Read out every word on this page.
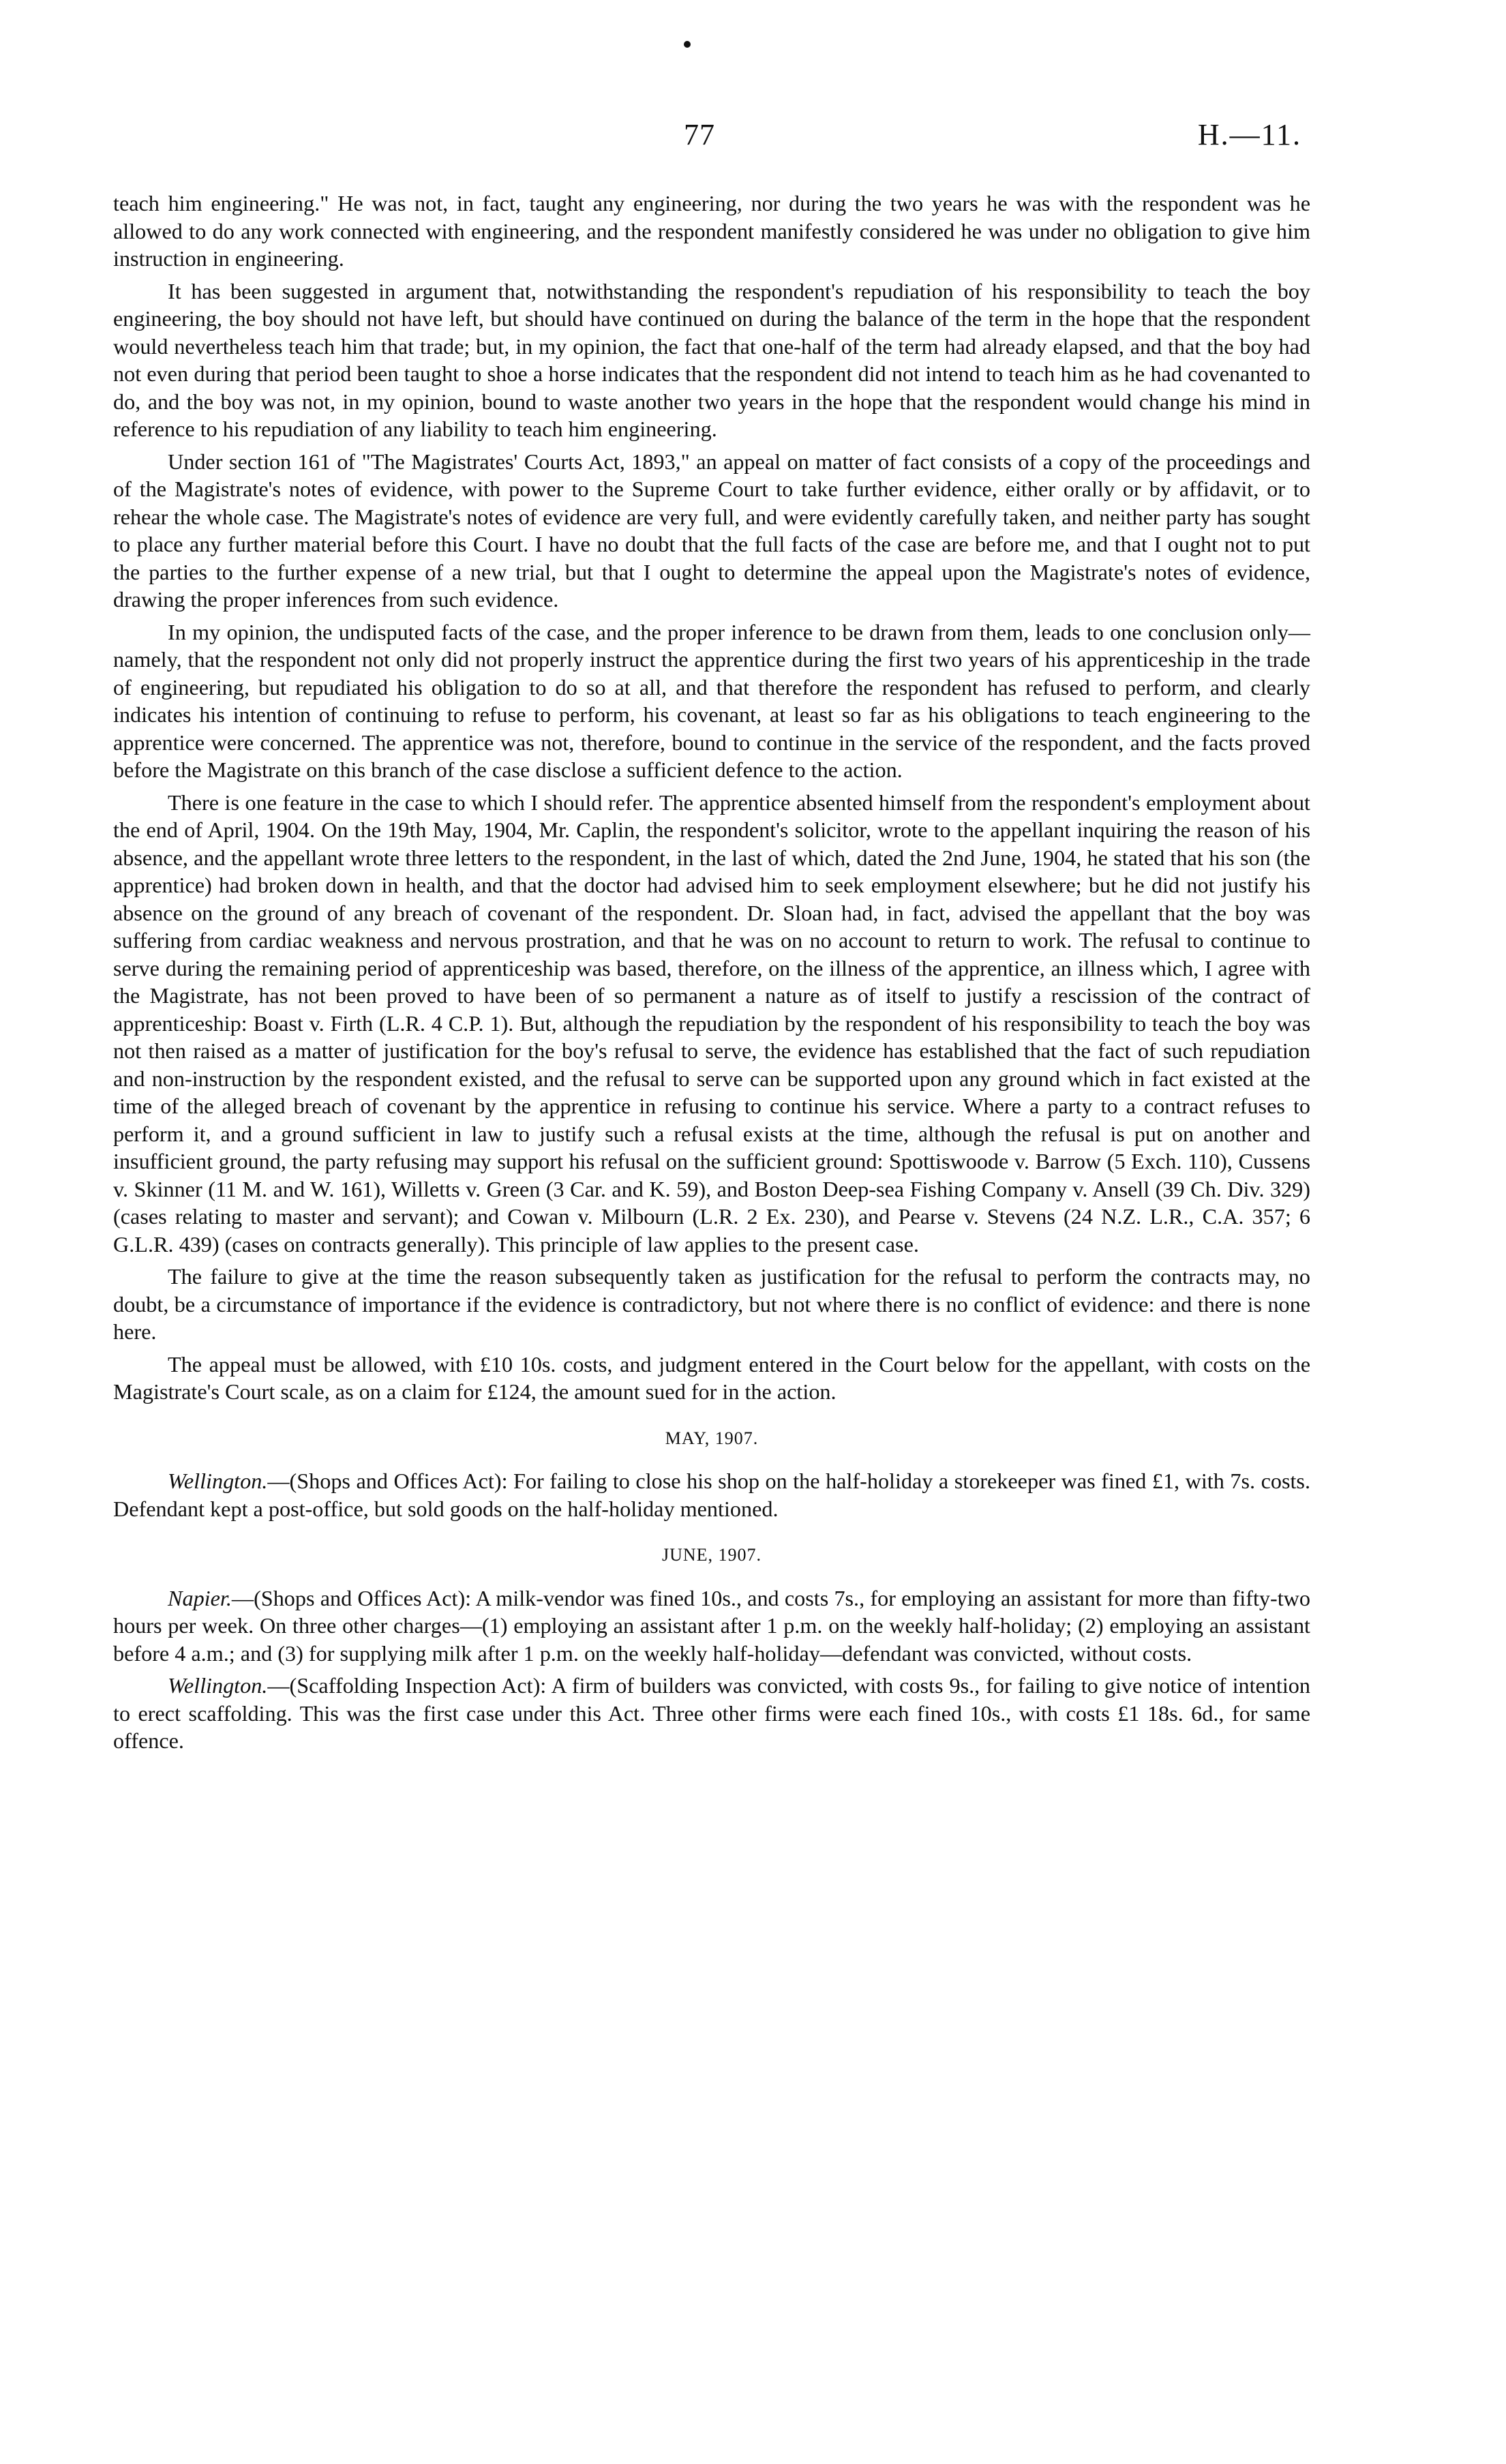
77	H.—11.

teach him engineering." He was not, in fact, taught any engineering, nor during the two years he was with the respondent was he allowed to do any work connected with engineering, and the respondent manifestly considered he was under no obligation to give him instruction in engineering.

It has been suggested in argument that, notwithstanding the respondent's repudiation of his responsibility to teach the boy engineering, the boy should not have left, but should have continued on during the balance of the term in the hope that the respondent would nevertheless teach him that trade; but, in my opinion, the fact that one-half of the term had already elapsed, and that the boy had not even during that period been taught to shoe a horse indicates that the respondent did not intend to teach him as he had covenanted to do, and the boy was not, in my opinion, bound to waste another two years in the hope that the respondent would change his mind in reference to his repudiation of any liability to teach him engineering.

Under section 161 of "The Magistrates' Courts Act, 1893," an appeal on matter of fact consists of a copy of the proceedings and of the Magistrate's notes of evidence, with power to the Supreme Court to take further evidence, either orally or by affidavit, or to rehear the whole case. The Magistrate's notes of evidence are very full, and were evidently carefully taken, and neither party has sought to place any further material before this Court. I have no doubt that the full facts of the case are before me, and that I ought not to put the parties to the further expense of a new trial, but that I ought to determine the appeal upon the Magistrate's notes of evidence, drawing the proper inferences from such evidence.

In my opinion, the undisputed facts of the case, and the proper inference to be drawn from them, leads to one conclusion only—namely, that the respondent not only did not properly instruct the apprentice during the first two years of his apprenticeship in the trade of engineering, but repudiated his obligation to do so at all, and that therefore the respondent has refused to perform, and clearly indicates his intention of continuing to refuse to perform, his covenant, at least so far as his obligations to teach engineering to the apprentice were concerned. The apprentice was not, therefore, bound to continue in the service of the respondent, and the facts proved before the Magistrate on this branch of the case disclose a sufficient defence to the action.

There is one feature in the case to which I should refer. The apprentice absented himself from the respondent's employment about the end of April, 1904. On the 19th May, 1904, Mr. Caplin, the respondent's solicitor, wrote to the appellant inquiring the reason of his absence, and the appellant wrote three letters to the respondent, in the last of which, dated the 2nd June, 1904, he stated that his son (the apprentice) had broken down in health, and that the doctor had advised him to seek employment elsewhere; but he did not justify his absence on the ground of any breach of covenant of the respondent. Dr. Sloan had, in fact, advised the appellant that the boy was suffering from cardiac weakness and nervous prostration, and that he was on no account to return to work. The refusal to continue to serve during the remaining period of apprenticeship was based, therefore, on the illness of the apprentice, an illness which, I agree with the Magistrate, has not been proved to have been of so permanent a nature as of itself to justify a rescission of the contract of apprenticeship: Boast v. Firth (L.R. 4 C.P. 1). But, although the repudiation by the respondent of his responsibility to teach the boy was not then raised as a matter of justification for the boy's refusal to serve, the evidence has established that the fact of such repudiation and non-instruction by the respondent existed, and the refusal to serve can be supported upon any ground which in fact existed at the time of the alleged breach of covenant by the apprentice in refusing to continue his service. Where a party to a contract refuses to perform it, and a ground sufficient in law to justify such a refusal exists at the time, although the refusal is put on another and insufficient ground, the party refusing may support his refusal on the sufficient ground: Spottiswoode v. Barrow (5 Exch. 110), Cussens v. Skinner (11 M. and W. 161), Willetts v. Green (3 Car. and K. 59), and Boston Deep-sea Fishing Company v. Ansell (39 Ch. Div. 329) (cases relating to master and servant); and Cowan v. Milbourn (L.R. 2 Ex. 230), and Pearse v. Stevens (24 N.Z. L.R., C.A. 357; 6 G.L.R. 439) (cases on contracts generally). This principle of law applies to the present case.

The failure to give at the time the reason subsequently taken as justification for the refusal to perform the contracts may, no doubt, be a circumstance of importance if the evidence is contradictory, but not where there is no conflict of evidence: and there is none here.

The appeal must be allowed, with £10 10s. costs, and judgment entered in the Court below for the appellant, with costs on the Magistrate's Court scale, as on a claim for £124, the amount sued for in the action.

MAY, 1907.

Wellington.—(Shops and Offices Act): For failing to close his shop on the half-holiday a storekeeper was fined £1, with 7s. costs. Defendant kept a post-office, but sold goods on the half-holiday mentioned.

JUNE, 1907.

Napier.—(Shops and Offices Act): A milk-vendor was fined 10s., and costs 7s., for employing an assistant for more than fifty-two hours per week. On three other charges—(1) employing an assistant after 1 p.m. on the weekly half-holiday; (2) employing an assistant before 4 a.m.; and (3) for supplying milk after 1 p.m. on the weekly half-holiday—defendant was convicted, without costs.

Wellington.—(Scaffolding Inspection Act): A firm of builders was convicted, with costs 9s., for failing to give notice of intention to erect scaffolding. This was the first case under this Act. Three other firms were each fined 10s., with costs £1 18s. 6d., for same offence.
